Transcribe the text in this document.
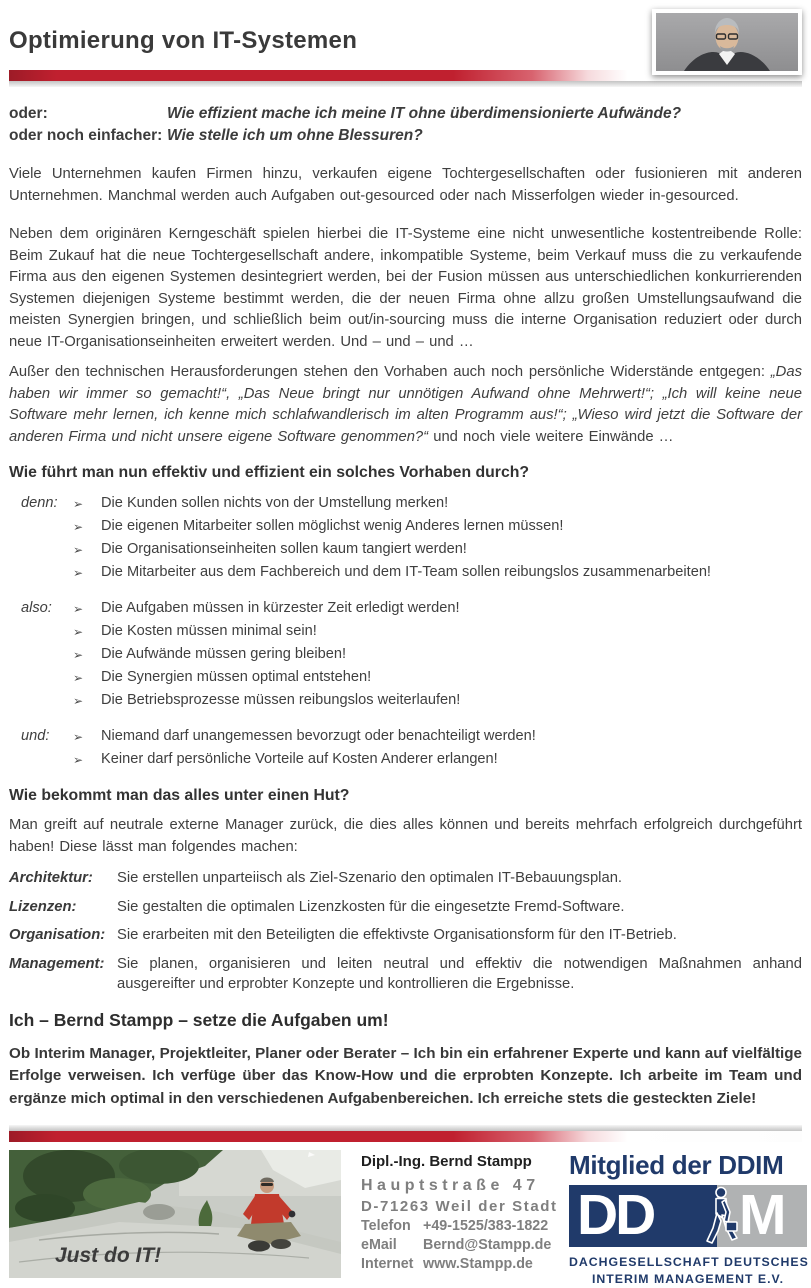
Optimierung von IT-Systemen
oder:	Wie effizient mache ich meine IT ohne überdimensionierte Aufwände?
oder noch einfacher: Wie stelle ich um ohne Blessuren?
Viele Unternehmen kaufen Firmen hinzu, verkaufen eigene Tochtergesellschaften oder fusionieren mit anderen Unternehmen. Manchmal werden auch Aufgaben out-gesourced oder nach Misserfolgen wieder in-gesourced.
Neben dem originären Kerngeschäft spielen hierbei die IT-Systeme eine nicht unwesentliche kostentreibende Rolle: Beim Zukauf hat die neue Tochtergesellschaft andere, inkompatible Systeme, beim Verkauf muss die zu verkaufende Firma aus den eigenen Systemen desintegriert werden, bei der Fusion müssen aus unterschiedlichen konkurrierenden Systemen diejenigen Systeme bestimmt werden, die der neuen Firma ohne allzu großen Umstellungsaufwand die meisten Synergien bringen, und schließlich beim out/in-sourcing muss die interne Organisation reduziert oder durch neue IT-Organisationseinheiten erweitert werden. Und – und – und …
Außer den technischen Herausforderungen stehen den Vorhaben auch noch persönliche Widerstände entgegen: „Das haben wir immer so gemacht!“, „Das Neue bringt nur unnötigen Aufwand ohne Mehrwert!“; „Ich will keine neue Software mehr lernen, ich kenne mich schlafwandlerisch im alten Programm aus!“; „Wieso wird jetzt die Software der anderen Firma und nicht unsere eigene Software genommen?“ und noch viele weitere Einwände …
Wie führt man nun effektiv und effizient ein solches Vorhaben durch?
denn:	➢	Die Kunden sollen nichts von der Umstellung merken!
➢	Die eigenen Mitarbeiter sollen möglichst wenig Anderes lernen müssen!
➢	Die Organisationseinheiten sollen kaum tangiert werden!
➢	Die Mitarbeiter aus dem Fachbereich und dem IT-Team sollen reibungslos zusammenarbeiten!
also:	➢	Die Aufgaben müssen in kürzester Zeit erledigt werden!
➢	Die Kosten müssen minimal sein!
➢	Die Aufwände müssen gering bleiben!
➢	Die Synergien müssen optimal entstehen!
➢	Die Betriebsprozesse müssen reibungslos weiterlaufen!
und:	➢	Niemand darf unangemessen bevorzugt oder benachteiligt werden!
➢	Keiner darf persönliche Vorteile auf Kosten Anderer erlangen!
Wie bekommt man das alles unter einen Hut?
Man greift auf neutrale externe Manager zurück, die dies alles können und bereits mehrfach erfolgreich durchgeführt haben! Diese lässt man folgendes machen:
Architektur:	Sie erstellen unparteiisch als Ziel-Szenario den optimalen IT-Bebauungsplan.
Lizenzen:	Sie gestalten die optimalen Lizenzkosten für die eingesetzte Fremd-Software.
Organisation: Sie erarbeiten mit den Beteiligten die effektivste Organisationsform für den IT-Betrieb.
Management: Sie planen, organisieren und leiten neutral und effektiv die notwendigen Maßnahmen anhand ausgereifter und erprobter Konzepte und kontrollieren die Ergebnisse.
Ich – Bernd Stampp – setze die Aufgaben um!
Ob Interim Manager, Projektleiter, Planer oder Berater – Ich bin ein erfahrener Experte und kann auf vielfältige Erfolge verweisen. Ich verfüge über das Know-How und die erprobten Konzepte. Ich arbeite im Team und ergänze mich optimal in den verschiedenen Aufgabenbereichen. Ich erreiche stets die gesteckten Ziele!
Just do IT!
Dipl.-Ing. Bernd Stampp
Hauptstraße 47
D-71263 Weil der Stadt
Telefon +49-1525/383-1822
eMail	Bernd@Stampp.de
Internet www.Stampp.de
Mitglied der DDIM
DD	M
DACHGESELLSCHAFT DEUTSCHES
INTERIM MANAGEMENT E.V.
